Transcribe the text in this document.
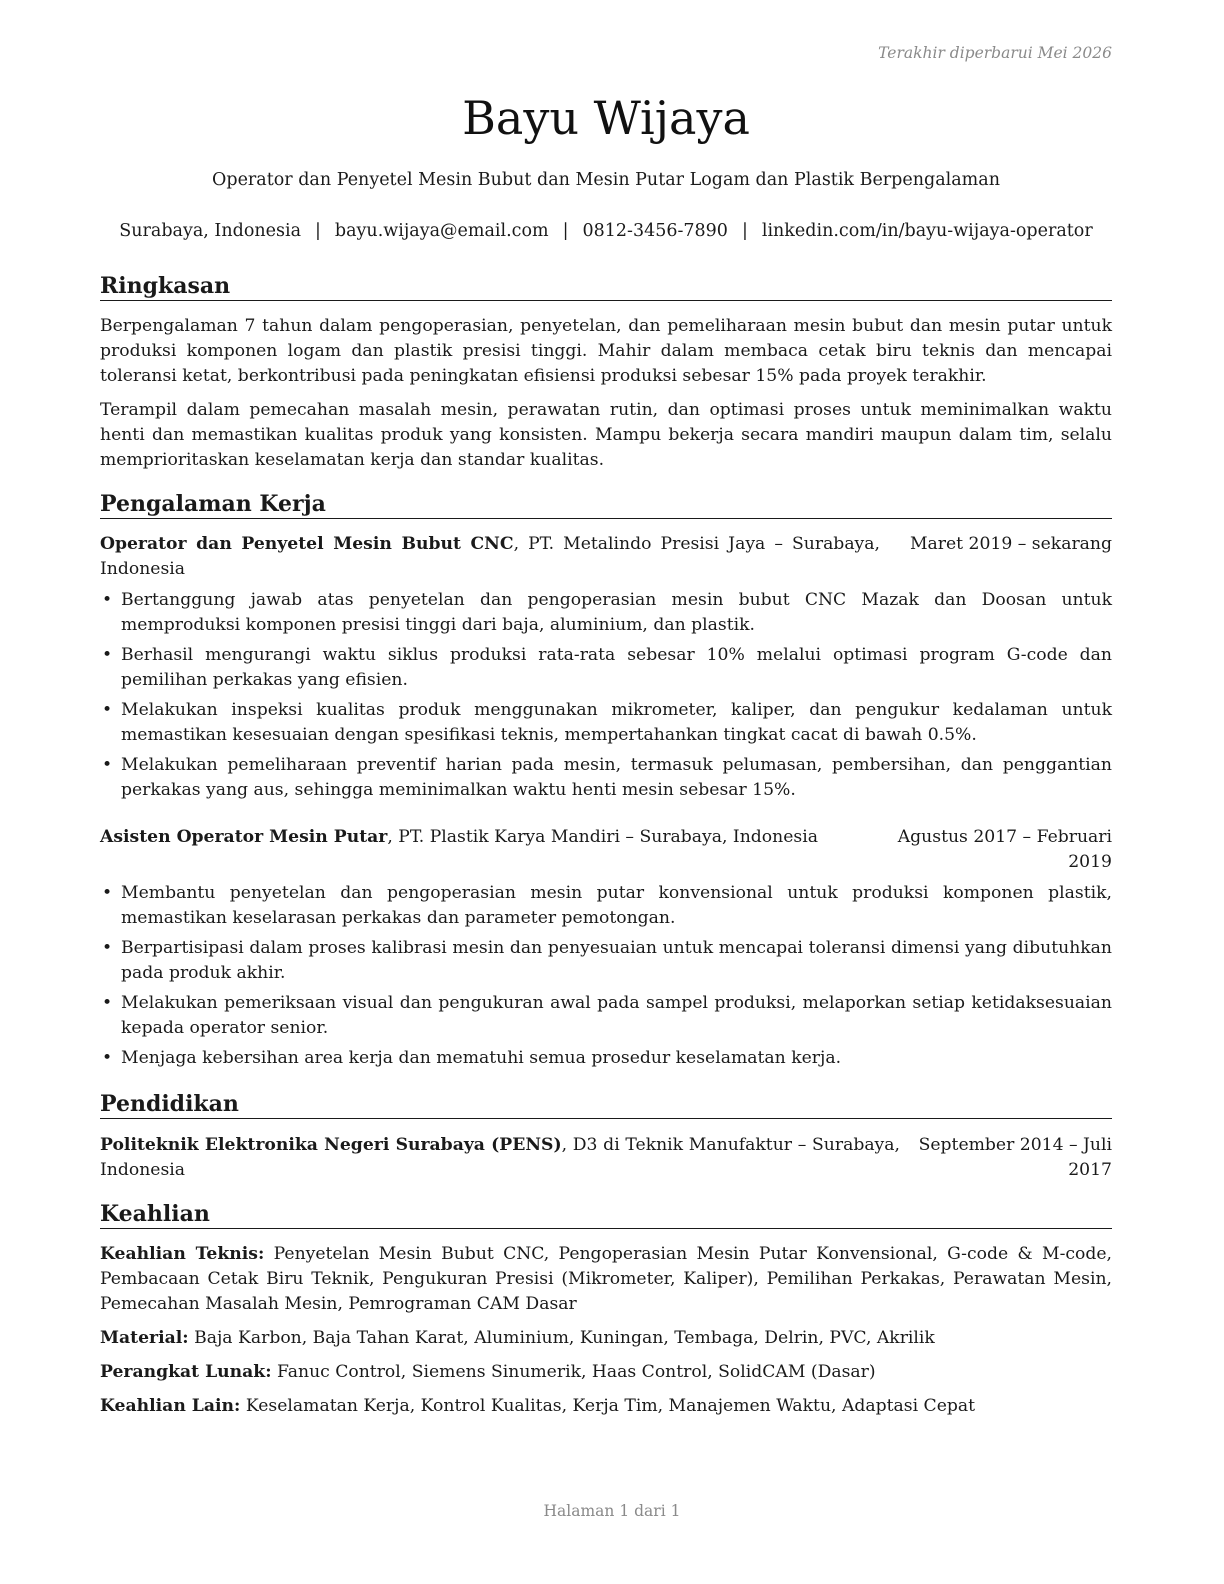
Terakhir diperbarui Mei 2026
Bayu Wijaya
Operator dan Penyetel Mesin Bubut dan Mesin Putar Logam dan Plastik Berpengalaman
Surabaya, Indonesia | bayu.wijaya@email.com | 0812-3456-7890 | linkedin.com/in/bayu-wijaya-operator
Ringkasan
Berpengalaman 7 tahun dalam pengoperasian, penyetelan, dan pemeliharaan mesin bubut dan mesin putar untuk produksi komponen logam dan plastik presisi tinggi. Mahir dalam membaca cetak biru teknis dan mencapai toleransi ketat, berkontribusi pada peningkatan efisiensi produksi sebesar 15% pada proyek terakhir.
Terampil dalam pemecahan masalah mesin, perawatan rutin, dan optimasi proses untuk meminimalkan waktu henti dan memastikan kualitas produk yang konsisten. Mampu bekerja secara mandiri maupun dalam tim, selalu memprioritaskan keselamatan kerja dan standar kualitas.
Pengalaman Kerja
Operator dan Penyetel Mesin Bubut CNC, PT. Metalindo Presisi Jaya – Surabaya, Indonesia
Maret 2019 – sekarang
• Bertanggung jawab atas penyetelan dan pengoperasian mesin bubut CNC Mazak dan Doosan untuk memproduksi komponen presisi tinggi dari baja, aluminium, dan plastik.
• Berhasil mengurangi waktu siklus produksi rata-rata sebesar 10% melalui optimasi program G-code dan pemilihan perkakas yang efisien.
• Melakukan inspeksi kualitas produk menggunakan mikrometer, kaliper, dan pengukur kedalaman untuk memastikan kesesuaian dengan spesifikasi teknis, mempertahankan tingkat cacat di bawah 0.5%.
• Melakukan pemeliharaan preventif harian pada mesin, termasuk pelumasan, pembersihan, dan penggantian perkakas yang aus, sehingga meminimalkan waktu henti mesin sebesar 15%.
Asisten Operator Mesin Putar, PT. Plastik Karya Mandiri – Surabaya, Indonesia	Agustus 2017 – Februari
2019
• Membantu penyetelan dan pengoperasian mesin putar konvensional untuk produksi komponen plastik, memastikan keselarasan perkakas dan parameter pemotongan.
• Berpartisipasi dalam proses kalibrasi mesin dan penyesuaian untuk mencapai toleransi dimensi yang dibutuhkan pada produk akhir.
• Melakukan pemeriksaan visual dan pengukuran awal pada sampel produksi, melaporkan setiap ketidaksesuaian kepada operator senior.
• Menjaga kebersihan area kerja dan mematuhi semua prosedur keselamatan kerja.
Pendidikan
Politeknik Elektronika Negeri Surabaya (PENS), D3 di Teknik Manufaktur – Surabaya, Indonesia
September 2014 – Juli
2017
Keahlian
Keahlian Teknis: Penyetelan Mesin Bubut CNC, Pengoperasian Mesin Putar Konvensional, G-code & M-code, Pembacaan Cetak Biru Teknik, Pengukuran Presisi (Mikrometer, Kaliper), Pemilihan Perkakas, Perawatan Mesin, Pemecahan Masalah Mesin, Pemrograman CAM Dasar
Material: Baja Karbon, Baja Tahan Karat, Aluminium, Kuningan, Tembaga, Delrin, PVC, Akrilik
Perangkat Lunak: Fanuc Control, Siemens Sinumerik, Haas Control, SolidCAM (Dasar)
Keahlian Lain: Keselamatan Kerja, Kontrol Kualitas, Kerja Tim, Manajemen Waktu, Adaptasi Cepat
Halaman 1 dari 1
